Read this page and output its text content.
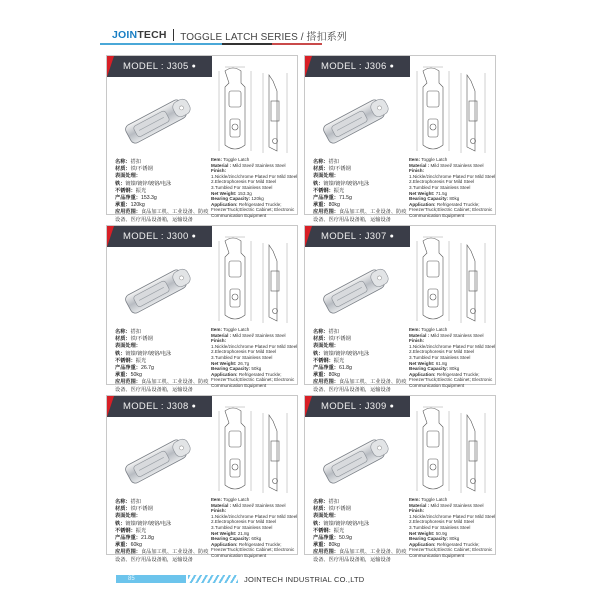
JOINTECH TOGGLE LATCH SERIES / 搭扣系列
MODEL : J305 ●
名称：搭扣
材质：铁/不锈钢
表面处理：
铁：镀镍/镀锌/镀铬/电泳
不锈钢：振光
产品净重：153.3g
承重：120kg
应用范围：食品加工机、工业设备、防疫设备、医疗用品设备箱，运输设备
Item: Toggle Latch
Material : Mild Steel/ Stainless Steel
Finish:
1.Nickle/zinc/chrome Plated For Mild Steel
2.Electrophoresis For Mild Steel
3.Tumbled For Stainless Steel
Net Weight: 153.3g
Bearing Capacity: 120kg
Application: Refrigerated Truckle; FreezerTruck;Electric Cabinet; Electronic Communication Equipment
MODEL : J306 ●
名称：搭扣
材质：铁/不锈钢
表面处理：
铁：镀镍/镀锌/镀铬/电泳
不锈钢：振光
产品净重：71.5g
承重：80kg
应用范围：食品加工机、工业设备、防疫设备、医疗用品设备箱，运输设备
Item: Toggle Latch
Material : Mild Steel/ Stainless Steel
Finish:
1.Nickle/zinc/chrome Plated For Mild Steel
2.Electrophoresis For Mild Steel
3.Tumbled For Stainless Steel
Net Weight: 71.5g
Bearing Capacity: 80kg
Application: Refrigerated Truckle; FreezerTruck;Electric Cabinet; Electronic Communication Equipment
MODEL : J300 ●
名称：搭扣
材质：铁/不锈钢
表面处理：
铁：镀镍/镀锌/镀铬/电泳
不锈钢：振光
产品净重：26.7g
承重：50kg
应用范围：食品加工机、工业设备、防疫设备、医疗用品设备箱，运输设备
Item: Toggle Latch
Material : Mild Steel/ Stainless Steel
Finish:
1.Nickle/zinc/chrome Plated For Mild Steel
2.Electrophoresis For Mild Steel
3.Tumbled For Stainless Steel
Net Weight: 26.7g
Bearing Capacity: 50kg
Application: Refrigerated Truckle; FreezerTruck;Electric Cabinet; Electronic Communication Equipment
MODEL : J307 ●
名称：搭扣
材质：铁/不锈钢
表面处理：
铁：镀镍/镀锌/镀铬/电泳
不锈钢：振光
产品净重：61.8g
承重：80kg
应用范围：食品加工机、工业设备、防疫设备、医疗用品设备箱，运输设备
Item: Toggle Latch
Material : Mild Steel/ Stainless Steel
Finish:
1.Nickle/zinc/chrome Plated For Mild Steel
2.Electrophoresis For Mild Steel
3.Tumbled For Stainless Steel
Net Weight: 61.8g
Bearing Capacity: 80kg
Application: Refrigerated Truckle; FreezerTruck;Electric Cabinet; Electronic Communication Equipment
MODEL : J308 ●
名称：搭扣
材质：铁/不锈钢
表面处理：
铁：镀镍/镀锌/镀铬/电泳
不锈钢：振光
产品净重：21.8g
承重：60kg
应用范围：食品加工机、工业设备、防疫设备、医疗用品设备箱，运输设备
Item: Toggle Latch
Material : Mild Steel/ Stainless Steel
Finish:
1.Nickle/zinc/chrome Plated For Mild Steel
2.Electrophoresis For Mild Steel
3.Tumbled For Stainless Steel
Net Weight: 21.8g
Bearing Capacity: 60kg
Application: Refrigerated Truckle; FreezerTruck;Electric Cabinet; Electronic Communication Equipment
MODEL : J309 ●
名称：搭扣
材质：铁/不锈钢
表面处理：
铁：镀镍/镀锌/镀铬/电泳
不锈钢：振光
产品净重：50.9g
承重：80kg
应用范围：食品加工机、工业设备、防疫设备、医疗用品设备箱，运输设备
Item: Toggle Latch
Material : Mild Steel/ Stainless Steel
Finish:
1.Nickle/zinc/chrome Plated For Mild Steel
2.Electrophoresis For Mild Steel
3.Tumbled For Stainless Steel
Net Weight: 50.9g
Bearing Capacity: 80kg
Application: Refrigerated Truckle; FreezerTruck;Electric Cabinet; Electronic Communication Equipment
85	JOINTECH INDUSTRIAL CO.,LTD
